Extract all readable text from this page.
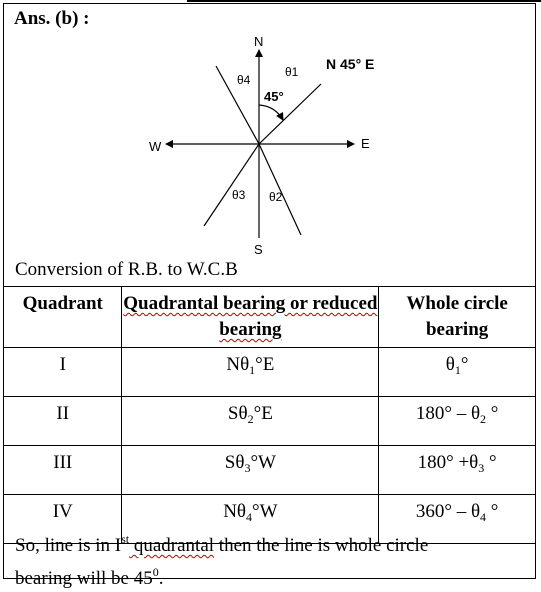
Ans. (b) :
N
S
E
W
θ1
θ4
θ3 θ2
45°
N 45° E
Conversion of R.B. to W.C.B
Quadrant	Quadrantal bearing or reduced bearing	Whole circle bearing
I	$N\theta_1^\circ E$	$\theta_1^\circ$
II	$S\theta_2^\circ E$	$180^\circ - \theta_2$ °
III	$S\theta_3^\circ W$	$180^\circ +\theta_3$ °
IV	$N\theta_4^\circ W$	$360^\circ - \theta_4$ °
So, line is in Ist quadrantal then the line is whole circle
bearing will be $45^0$.
